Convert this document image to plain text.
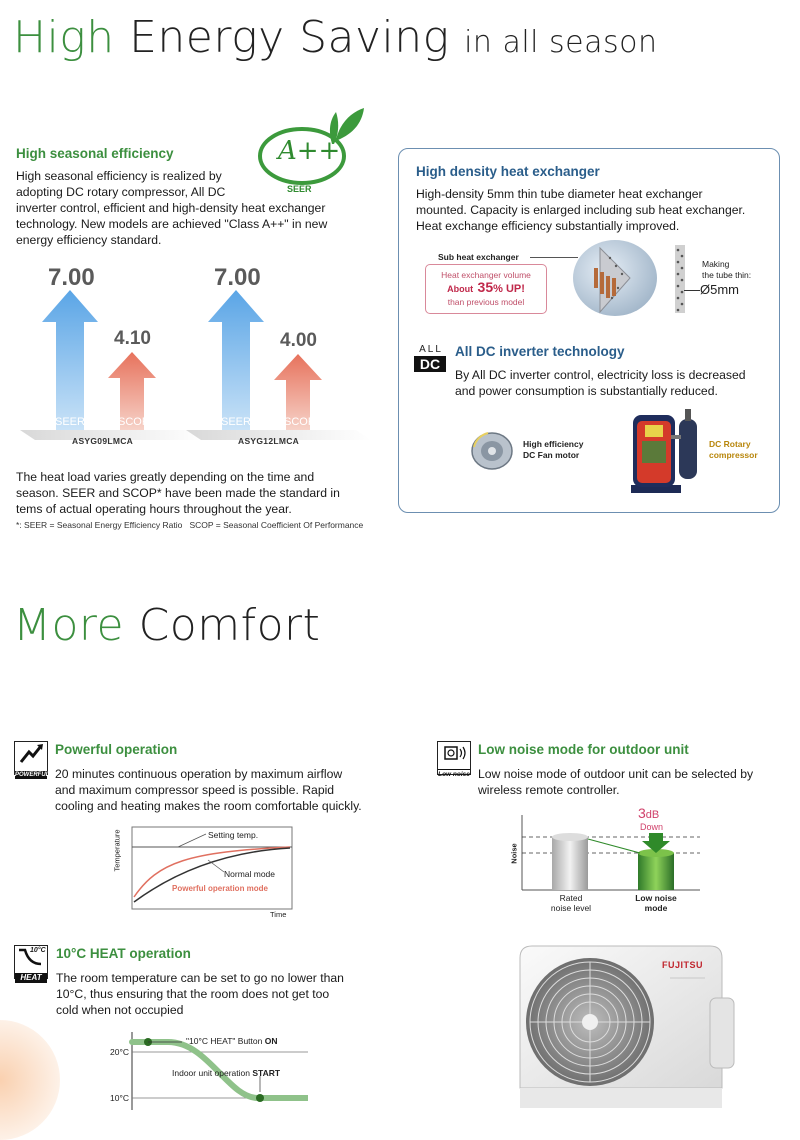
High Energy Saving in all season
High seasonal efficiency	A++
SEER
High seasonal efficiency is realized by
adopting DC rotary compressor, All DC
inverter control, efficient and high-density heat exchanger
technology. New models are achieved "Class A++" in new
energy efficiency standard.
7.00
4.10
SEER	SCOP
ASYG09LMCA
7.00
4.00
SEER	SCOP
ASYG12LMCA
The heat load varies greatly depending on the time and
season. SEER and SCOP* have been made the standard in
tems of actual operating hours throughout the year.
*: SEER = Seasonal Energy Efficiency Ratio   SCOP = Seasonal Coefficient Of Performance
High density heat exchanger
High-density 5mm thin tube diameter heat exchanger
mounted. Capacity is enlarged including sub heat exchanger.
Heat exchange efficiency substantially improved.
Sub heat exchanger
Heat exchanger volume
About 35% UP!
than previous model
Making
the tube thin:
Ø5mm
ALL
DC
All DC inverter technology
By All DC inverter control, electricity loss is decreased
and power consumption is substantially reduced.
High efficiency
DC Fan motor
DC Rotary
compressor
More Comfort
POWERFUL
Powerful operation
20 minutes continuous operation by maximum airflow
and maximum compressor speed is possible. Rapid
cooling and heating makes the room comfortable quickly.
Temperature	Setting temp.
Normal mode
Powerful operation mode
Time
Low noise
Low noise mode for outdoor unit
Low noise mode of outdoor unit can be selected by
wireless remote controller.
3dB
Down
Noise
Rated
noise level
Low noise
mode
10°C
HEAT
10°C HEAT operation
The room temperature can be set to go no lower than
10°C, thus ensuring that the room does not get too
cold when not occupied
20°C
10°C
"10°C HEAT" Button ON
Indoor unit operation START
FUJITSU
